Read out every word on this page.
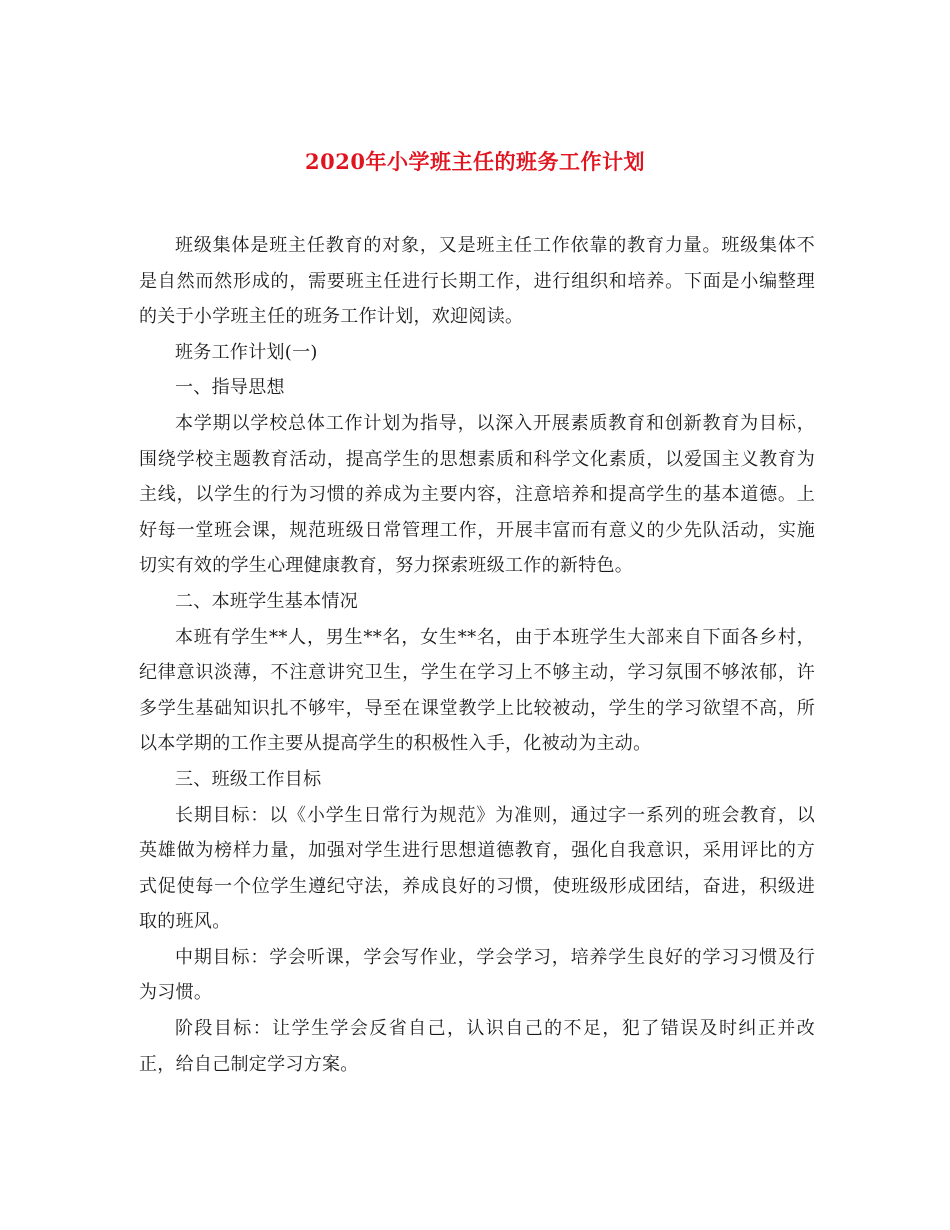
2020年小学班主任的班务工作计划

班级集体是班主任教育的对象，又是班主任工作依靠的教育力量。班级集体不是自然而然形成的，需要班主任进行长期工作，进行组织和培养。下面是小编整理的关于小学班主任的班务工作计划，欢迎阅读。

班务工作计划(一)

一、指导思想

本学期以学校总体工作计划为指导，以深入开展素质教育和创新教育为目标，围绕学校主题教育活动，提高学生的思想素质和科学文化素质，以爱国主义教育为主线，以学生的行为习惯的养成为主要内容，注意培养和提高学生的基本道德。上好每一堂班会课，规范班级日常管理工作，开展丰富而有意义的少先队活动，实施切实有效的学生心理健康教育，努力探索班级工作的新特色。

二、本班学生基本情况

本班有学生**人，男生**名，女生**名，由于本班学生大部来自下面各乡村，纪律意识淡薄，不注意讲究卫生，学生在学习上不够主动，学习氛围不够浓郁，许多学生基础知识扎不够牢，导至在课堂教学上比较被动，学生的学习欲望不高，所以本学期的工作主要从提高学生的积极性入手，化被动为主动。

三、班级工作目标

长期目标：以《小学生日常行为规范》为准则，通过字一系列的班会教育，以英雄做为榜样力量，加强对学生进行思想道德教育，强化自我意识，采用评比的方式促使每一个位学生遵纪守法，养成良好的习惯，使班级形成团结，奋进，积级进取的班风。

中期目标：学会听课，学会写作业，学会学习，培养学生良好的学习习惯及行为习惯。

阶段目标：让学生学会反省自己，认识自己的不足，犯了错误及时纠正并改正，给自己制定学习方案。
